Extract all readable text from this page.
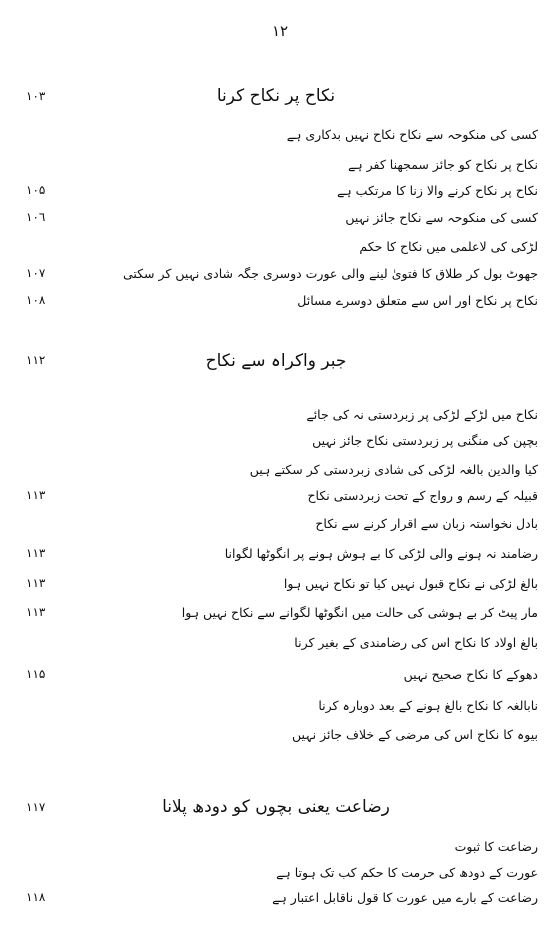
١٢
١٠٣	نکاح پر نکاح کرنا
کسی کی منکوحہ سے نکاح نکاح نہیں بدکاری ہے
نکاح پر نکاح کو جائز سمجھنا کفر ہے
١٠۵	نکاح پر نکاح کرنے والا زنا کا مرتکب ہے
١٠٦	کسی کی منکوحہ سے نکاح جائز نہیں
لڑکی کی لاعلمی میں نکاح کا حکم
١٠٧	جھوٹ بول کر طلاق کا فتویٰ لینے والی عورت دوسری جگہ شادی نہیں کر سکتی
١٠٨	نکاح پر نکاح اور اس سے متعلق دوسرے مسائل
١١٢	جبر واکراہ سے نکاح
نکاح میں لڑکے لڑکی پر زبردستی نہ کی جائے
بچپن کی منگنی پر زبردستی نکاح جائز نہیں
کیا والدین بالغہ لڑکی کی شادی زبردستی کر سکتے ہیں
١١٣	قبیلہ کے رسم و رواج کے تحت زبردستی نکاح
بادل نخواستہ زبان سے اقرار کرنے سے نکاح
١١٣	رضامند نہ ہونے والی لڑکی کا بے ہوش ہونے پر انگوٹھا لگوانا
١١٣	بالغ لڑکی نے نکاح قبول نہیں کیا تو نکاح نہیں ہوا
١١٣	مار پیٹ کر بے ہوشی کی حالت میں انگوٹھا لگوانے سے نکاح نہیں ہوا
بالغ اولاد کا نکاح اس کی رضامندی کے بغیر کرنا
١١۵	دھوکے کا نکاح صحیح نہیں
نابالغہ کا نکاح بالغ ہونے کے بعد دوبارہ کرنا
بیوہ کا نکاح اس کی مرضی کے خلاف جائز نہیں
١١٧	رضاعت یعنی بچوں کو دودھ پلانا
رضاعت کا ثبوت
عورت کے دودھ کی حرمت کا حکم کب تک ہوتا ہے
١١٨	رضاعت کے بارے میں عورت کا قول ناقابل اعتبار ہے
